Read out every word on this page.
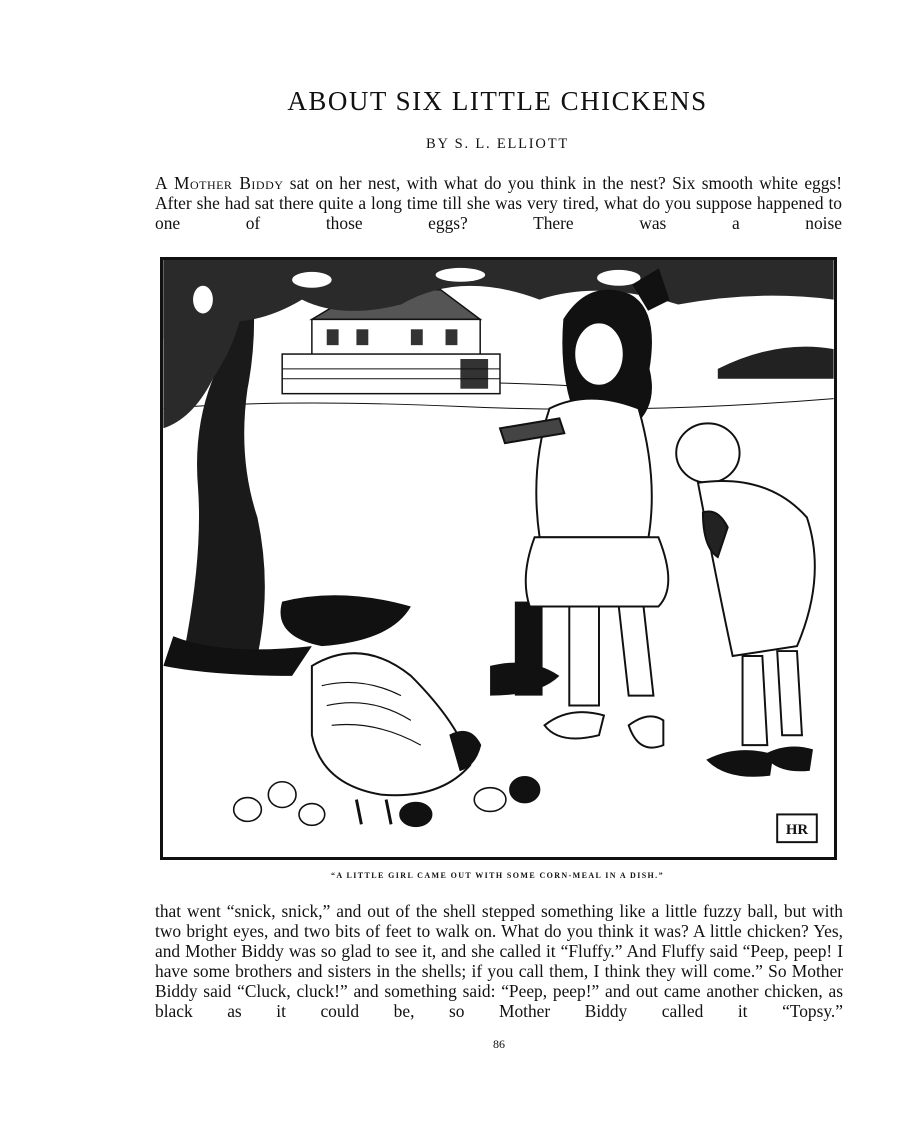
ABOUT SIX LITTLE CHICKENS
BY S. L. ELLIOTT

A Mother Biddy sat on her nest, with what do you think in the nest? Six smooth white eggs! After she had sat there quite a long time till she was very tired, what do you suppose happened to one of those eggs? There was a noise

HR
“A LITTLE GIRL CAME OUT WITH SOME CORN-MEAL IN A DISH.”

that went “snick, snick,” and out of the shell stepped something like a little fuzzy ball, but with two bright eyes, and two bits of feet to walk on. What do you think it was? A little chicken? Yes, and Mother Biddy was so glad to see it, and she called it “Fluffy.” And Fluffy said “Peep, peep! I have some brothers and sisters in the shells; if you call them, I think they will come.” So Mother Biddy said “Cluck, cluck!” and something said: “Peep, peep!” and out came another chicken, as black as it could be, so Mother Biddy called it “Topsy.”

86
